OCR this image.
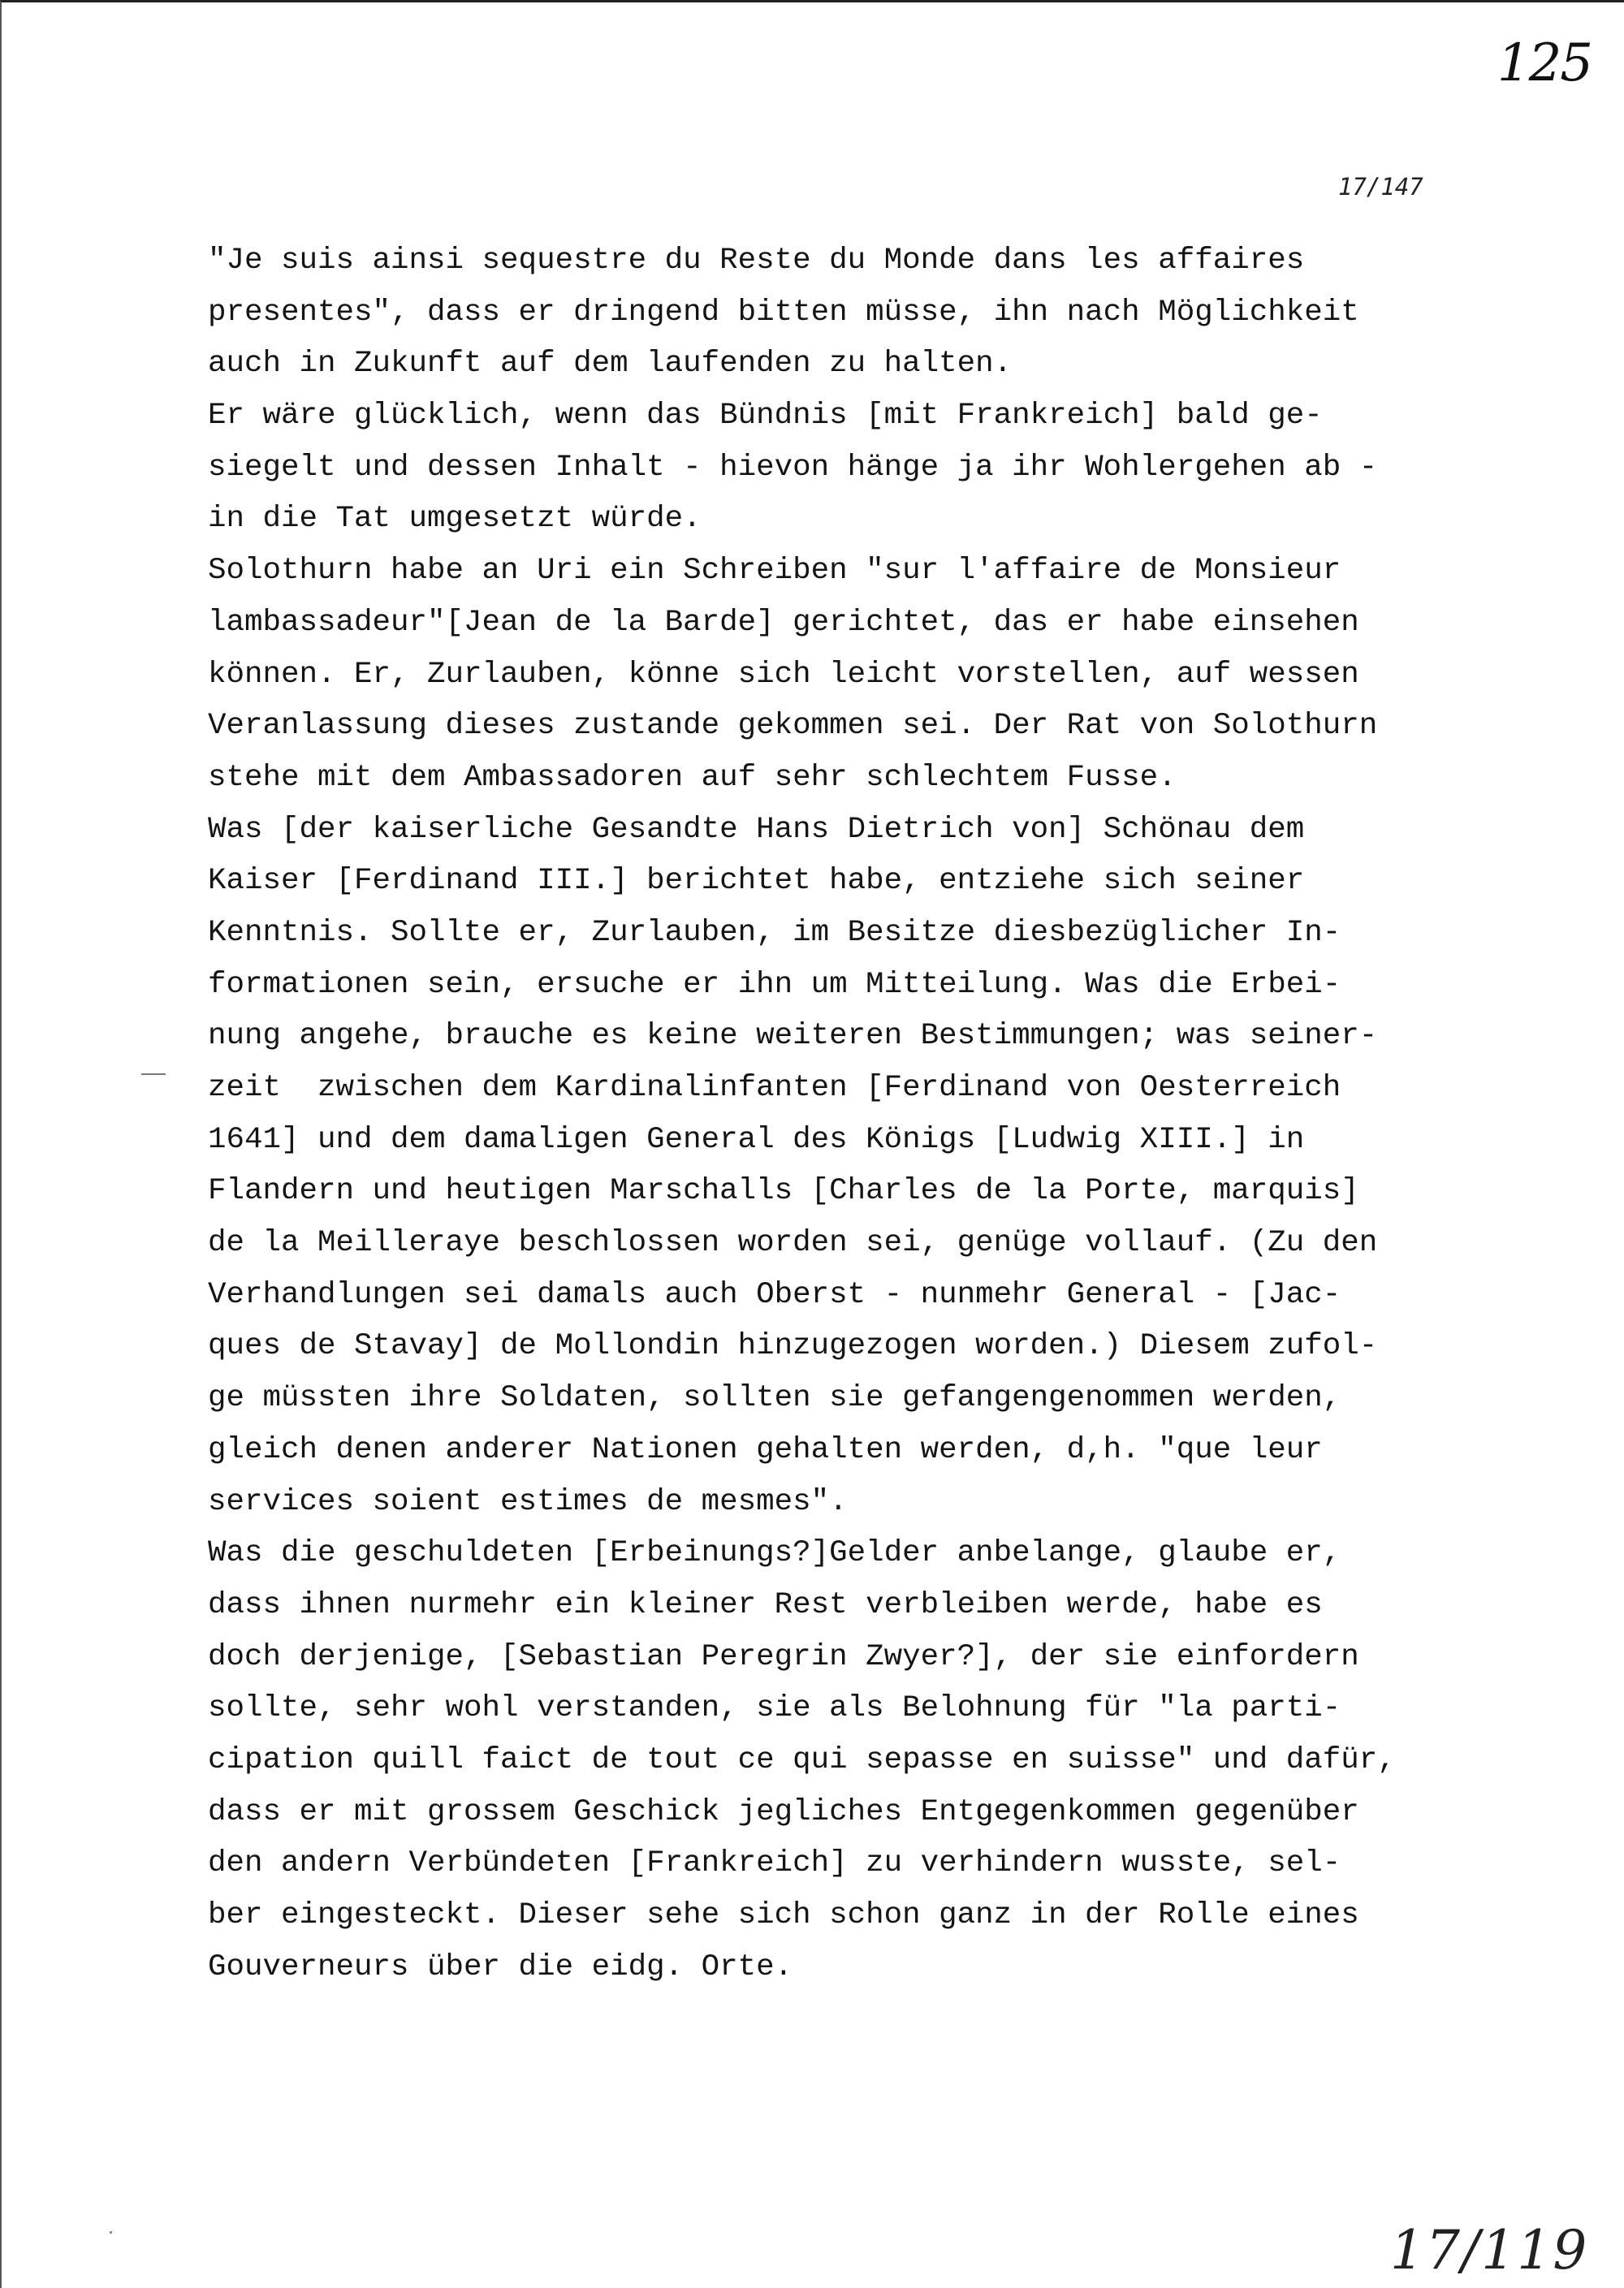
125
17/147
"Je suis ainsi sequestre du Reste du Monde dans les affaires
presentes", dass er dringend bitten müsse, ihn nach Möglichkeit
auch in Zukunft auf dem laufenden zu halten.
Er wäre glücklich, wenn das Bündnis [mit Frankreich] bald ge-
siegelt und dessen Inhalt - hievon hänge ja ihr Wohlergehen ab -
in die Tat umgesetzt würde.
Solothurn habe an Uri ein Schreiben "sur l'affaire de Monsieur
lambassadeur"[Jean de la Barde] gerichtet, das er habe einsehen
können. Er, Zurlauben, könne sich leicht vorstellen, auf wessen
Veranlassung dieses zustande gekommen sei. Der Rat von Solothurn
stehe mit dem Ambassadoren auf sehr schlechtem Fusse.
Was [der kaiserliche Gesandte Hans Dietrich von] Schönau dem
Kaiser [Ferdinand III.] berichtet habe, entziehe sich seiner
Kenntnis. Sollte er, Zurlauben, im Besitze diesbezüglicher In-
formationen sein, ersuche er ihn um Mitteilung. Was die Erbei-
nung angehe, brauche es keine weiteren Bestimmungen; was seiner-
zeit  zwischen dem Kardinalinfanten [Ferdinand von Oesterreich
1641] und dem damaligen General des Königs [Ludwig XIII.] in
Flandern und heutigen Marschalls [Charles de la Porte, marquis]
de la Meilleraye beschlossen worden sei, genüge vollauf. (Zu den
Verhandlungen sei damals auch Oberst - nunmehr General - [Jac-
ques de Stavay] de Mollondin hinzugezogen worden.) Diesem zufol-
ge müssten ihre Soldaten, sollten sie gefangengenommen werden,
gleich denen anderer Nationen gehalten werden, d,h. "que leur
services soient estimes de mesmes".
Was die geschuldeten [Erbeinungs?]Gelder anbelange, glaube er,
dass ihnen nurmehr ein kleiner Rest verbleiben werde, habe es
doch derjenige, [Sebastian Peregrin Zwyer?], der sie einfordern
sollte, sehr wohl verstanden, sie als Belohnung für "la parti-
cipation quill faict de tout ce qui sepasse en suisse" und dafür,
dass er mit grossem Geschick jegliches Entgegenkommen gegenüber
den andern Verbündeten [Frankreich] zu verhindern wusste, sel-
ber eingesteckt. Dieser sehe sich schon ganz in der Rolle eines
Gouverneurs über die eidg. Orte.
17/119
